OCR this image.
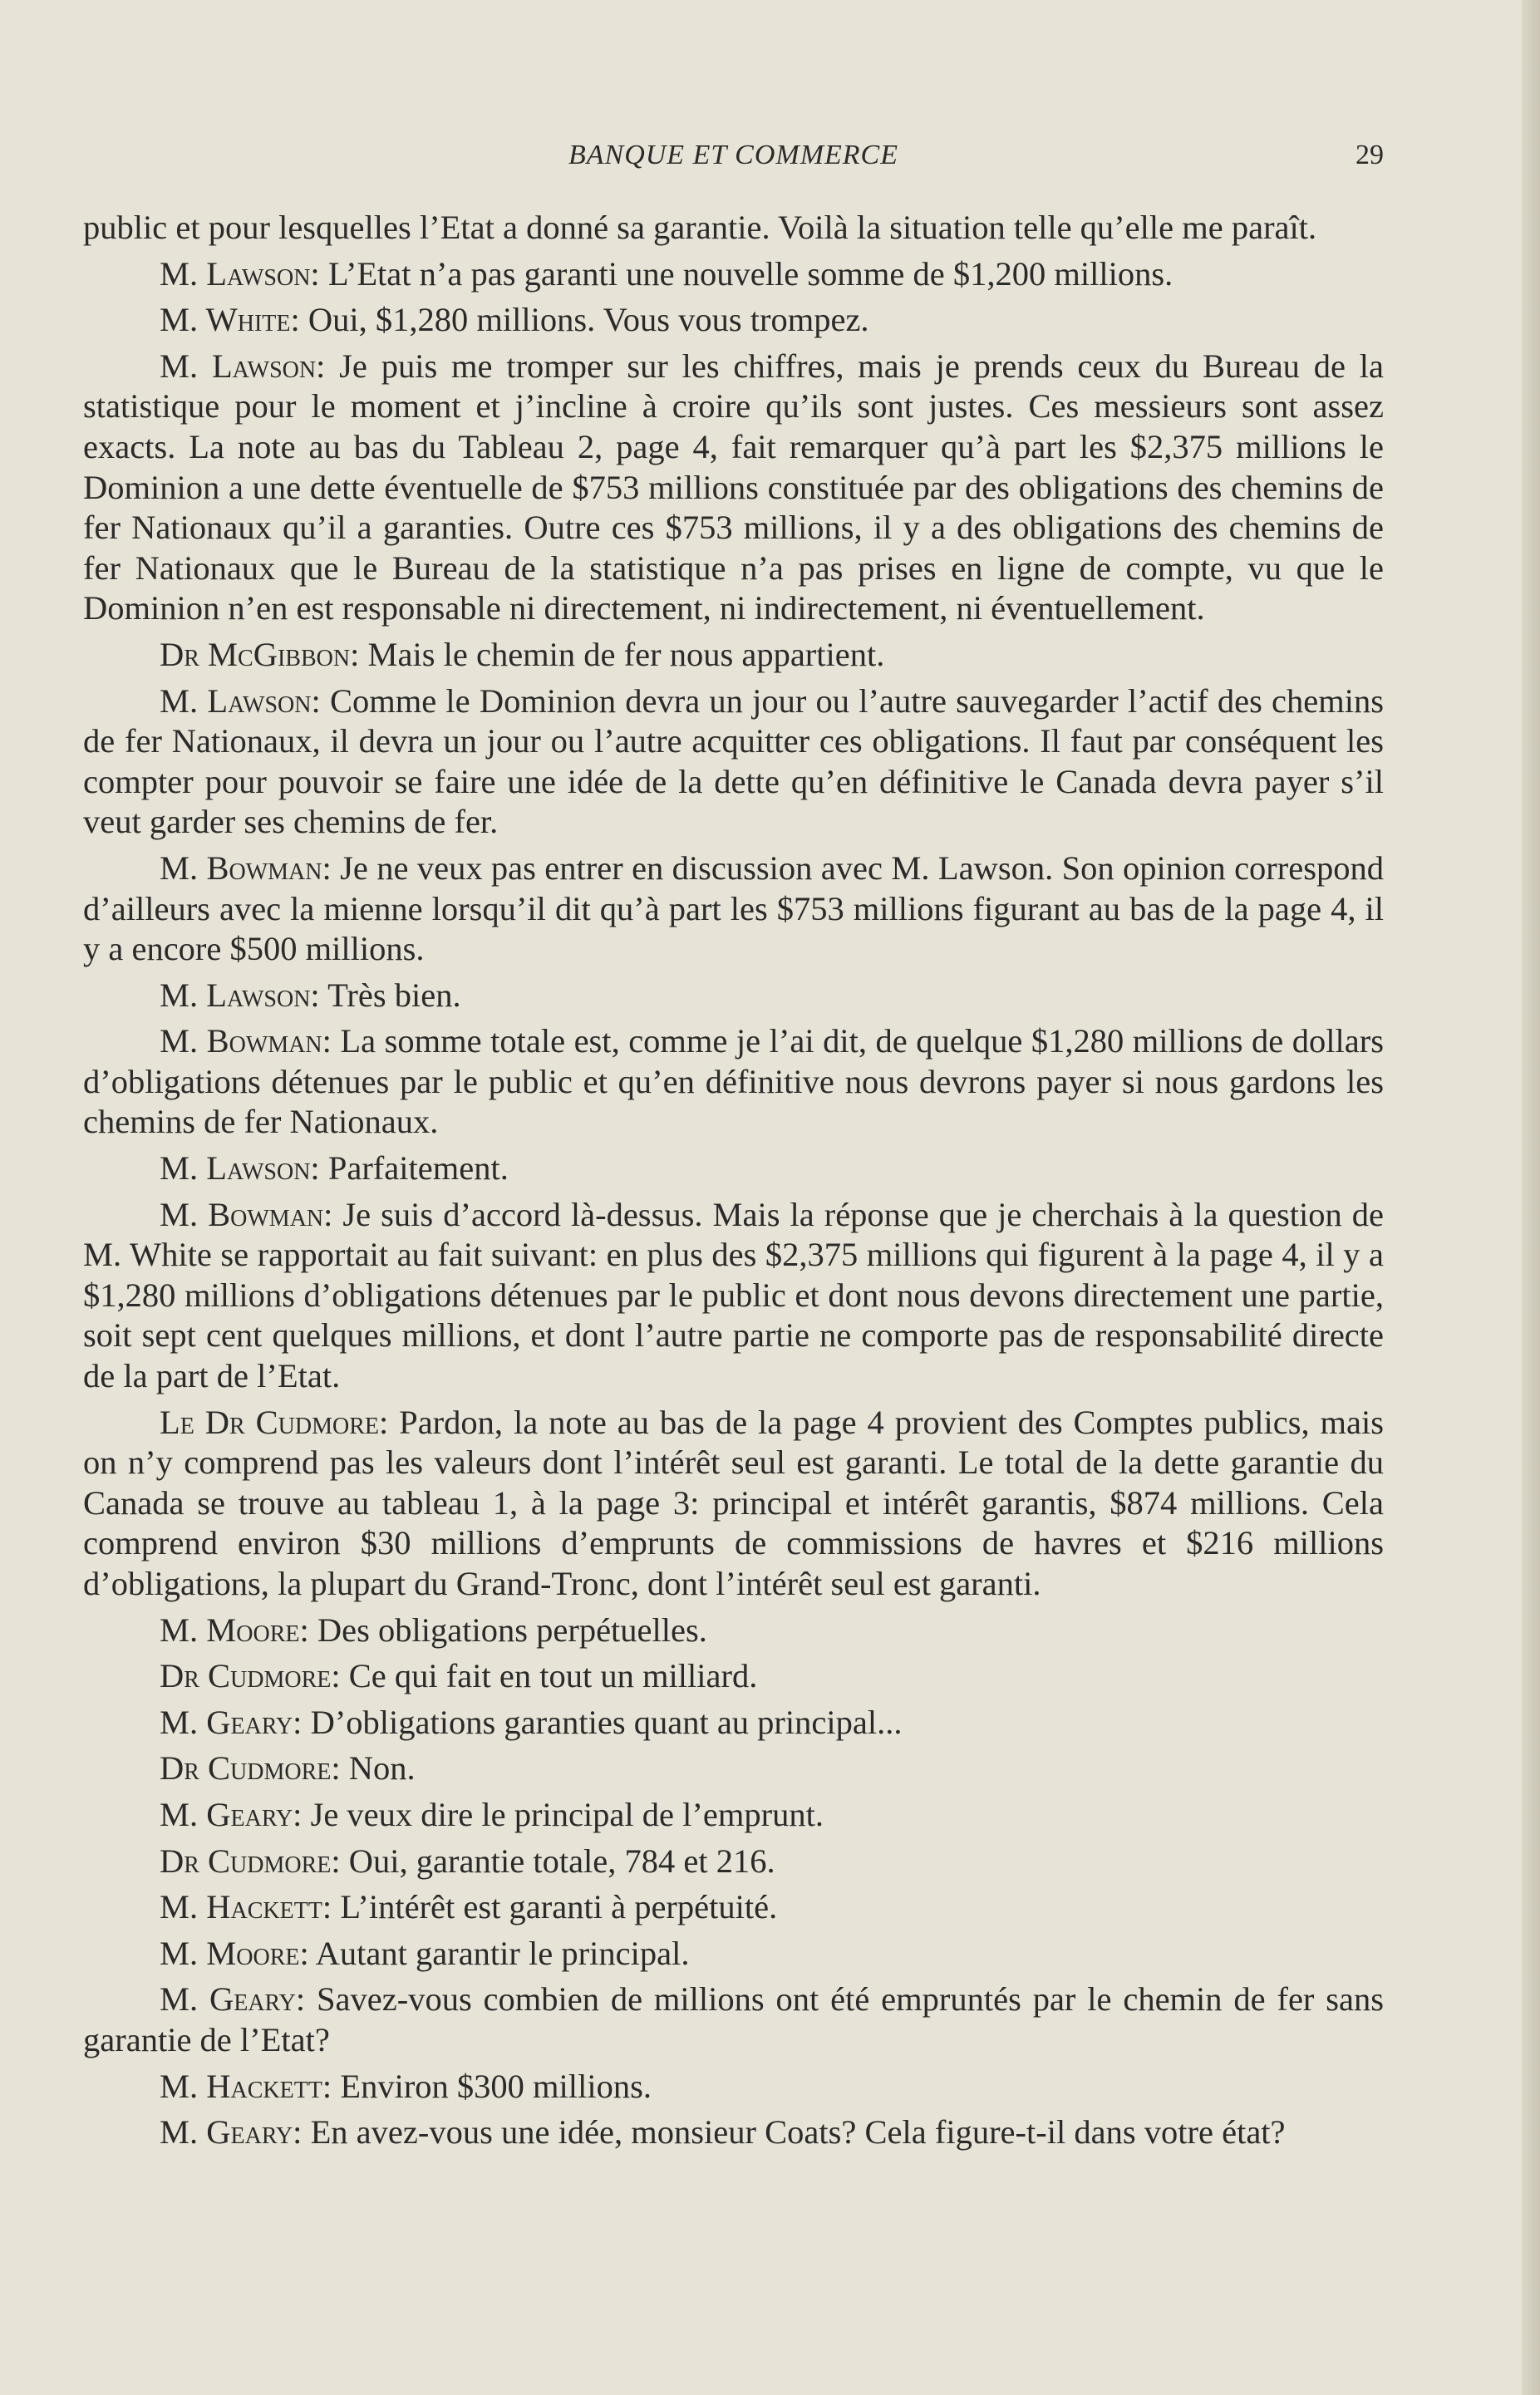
BANQUE ET COMMERCE	29

public et pour lesquelles l’Etat a donné sa garantie. Voilà la situation telle qu’elle me paraît.

M. Lawson: L’Etat n’a pas garanti une nouvelle somme de $1,200 millions.

M. White: Oui, $1,280 millions. Vous vous trompez.

M. Lawson: Je puis me tromper sur les chiffres, mais je prends ceux du Bureau de la statistique pour le moment et j’incline à croire qu’ils sont justes. Ces messieurs sont assez exacts. La note au bas du Tableau 2, page 4, fait remarquer qu’à part les $2,375 millions le Dominion a une dette éventuelle de $753 millions constituée par des obligations des chemins de fer Nationaux qu’il a garanties. Outre ces $753 millions, il y a des obligations des chemins de fer Nationaux que le Bureau de la statistique n’a pas prises en ligne de compte, vu que le Dominion n’en est responsable ni directement, ni indirectement, ni éventuellement.

Dr McGibbon: Mais le chemin de fer nous appartient.

M. Lawson: Comme le Dominion devra un jour ou l’autre sauvegarder l’actif des chemins de fer Nationaux, il devra un jour ou l’autre acquitter ces obligations. Il faut par conséquent les compter pour pouvoir se faire une idée de la dette qu’en définitive le Canada devra payer s’il veut garder ses chemins de fer.

M. Bowman: Je ne veux pas entrer en discussion avec M. Lawson. Son opinion correspond d’ailleurs avec la mienne lorsqu’il dit qu’à part les $753 millions figurant au bas de la page 4, il y a encore $500 millions.

M. Lawson: Très bien.

M. Bowman: La somme totale est, comme je l’ai dit, de quelque $1,280 millions de dollars d’obligations détenues par le public et qu’en définitive nous devrons payer si nous gardons les chemins de fer Nationaux.

M. Lawson: Parfaitement.

M. Bowman: Je suis d’accord là-dessus. Mais la réponse que je cherchais à la question de M. White se rapportait au fait suivant: en plus des $2,375 millions qui figurent à la page 4, il y a $1,280 millions d’obligations détenues par le public et dont nous devons directement une partie, soit sept cent quelques millions, et dont l’autre partie ne comporte pas de responsabilité directe de la part de l’Etat.

Le Dr Cudmore: Pardon, la note au bas de la page 4 provient des Comptes publics, mais on n’y comprend pas les valeurs dont l’intérêt seul est garanti. Le total de la dette garantie du Canada se trouve au tableau 1, à la page 3: principal et intérêt garantis, $874 millions. Cela comprend environ $30 millions d’emprunts de commissions de havres et $216 millions d’obligations, la plupart du Grand-Tronc, dont l’intérêt seul est garanti.

M. Moore: Des obligations perpétuelles.

Dr Cudmore: Ce qui fait en tout un milliard.

M. Geary: D’obligations garanties quant au principal...

Dr Cudmore: Non.

M. Geary: Je veux dire le principal de l’emprunt.

Dr Cudmore: Oui, garantie totale, 784 et 216.

M. Hackett: L’intérêt est garanti à perpétuité.

M. Moore: Autant garantir le principal.

M. Geary: Savez-vous combien de millions ont été empruntés par le chemin de fer sans garantie de l’Etat?

M. Hackett: Environ $300 millions.

M. Geary: En avez-vous une idée, monsieur Coats? Cela figure-t-il dans votre état?
